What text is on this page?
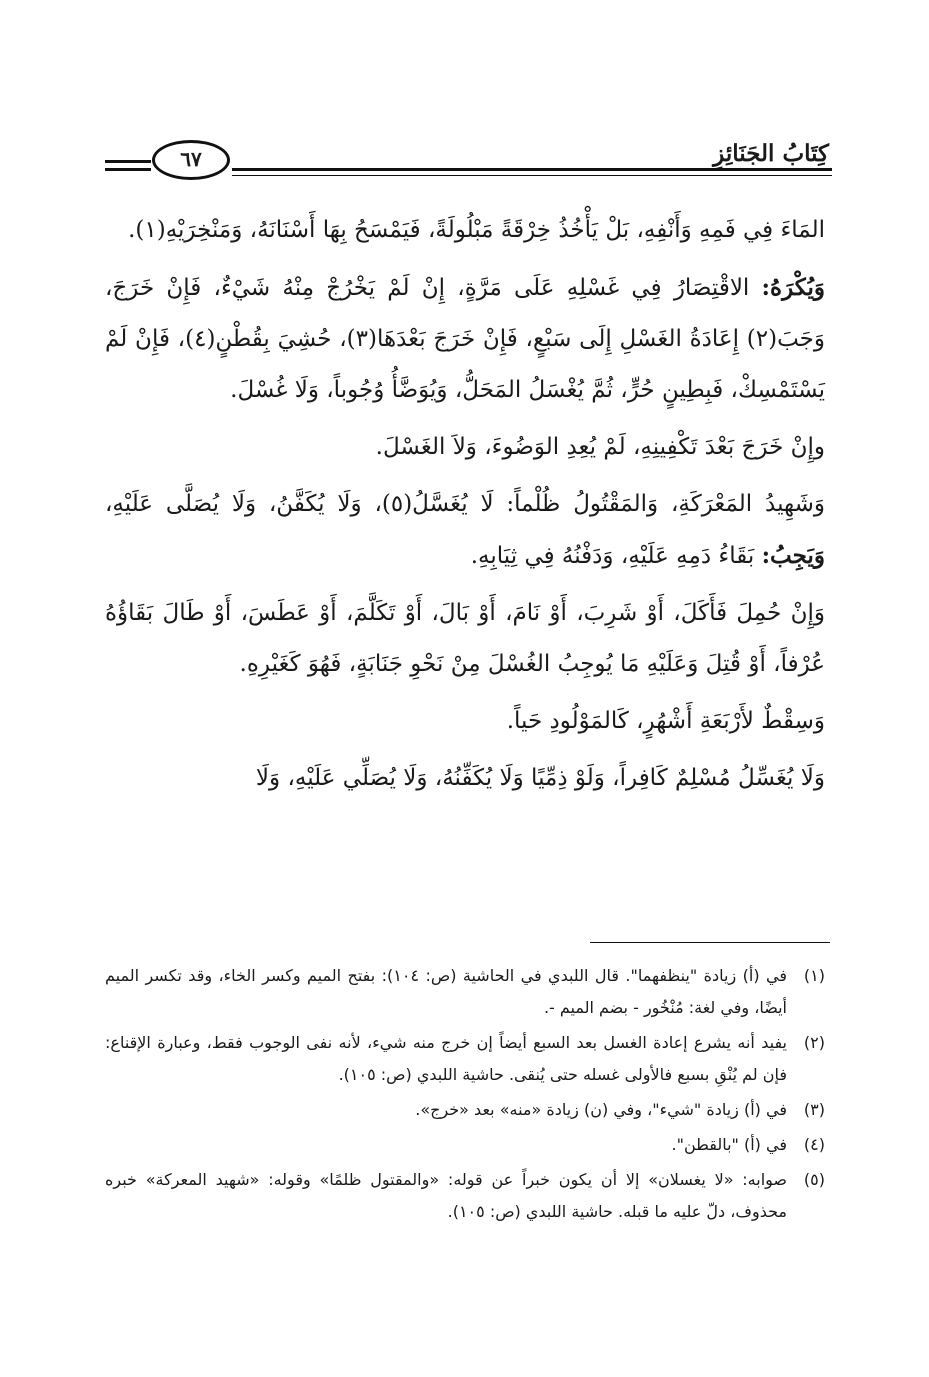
كِتَابُ الجَنَائِزِ
٦٧

المَاءَ فِي فَمِهِ وَأَنْفِهِ، بَلْ يَأْخُذُ خِرْقَةً مَبْلُولَةً، فَيَمْسَحُ بِهَا أَسْنَانَهُ، وَمَنْخِرَيْهِ(١).

وَيُكْرَهُ: الاقْتِصَارُ فِي غَسْلِهِ عَلَى مَرَّةٍ، إِنْ لَمْ يَخْرُجْ مِنْهُ شَيْءٌ، فَإِنْ خَرَجَ، وَجَبَ(٢) إِعَادَةُ الغَسْلِ إِلَى سَبْعٍ، فَإِنْ خَرَجَ بَعْدَهَا(٣)، حُشِيَ بِقُطْنٍ(٤)، فَإِنْ لَمْ يَسْتَمْسِكْ، فَبِطِينٍ حُرٍّ، ثُمَّ يُغْسَلُ المَحَلُّ، وَيُوَضَّأُ وُجُوباً، وَلَا غُسْلَ.

وإِنْ خَرَجَ بَعْدَ تَكْفِينِهِ، لَمْ يُعِدِ الوَضُوءَ، وَلاَ الغَسْلَ.

وَشَهِيدُ المَعْرَكَةِ، وَالمَقْتُولُ ظُلْماً: لَا يُغَسَّلُ(٥)، وَلَا يُكَفَّنُ، وَلَا يُصَلَّى عَلَيْهِ، وَيَجِبُ: بَقَاءُ دَمِهِ عَلَيْهِ، وَدَفْنُهُ فِي ثِيَابِهِ.

وَإِنْ حُمِلَ فَأَكَلَ، أَوْ شَرِبَ، أَوْ نَامَ، أَوْ بَالَ، أَوْ تَكَلَّمَ، أَوْ عَطَسَ، أَوْ طَالَ بَقَاؤُهُ عُرْفاً، أَوْ قُتِلَ وَعَلَيْهِ مَا يُوجِبُ الغُسْلَ مِنْ نَحْوِ جَنَابَةٍ، فَهُوَ كَغَيْرِهِ.

وَسِقْطٌ لأَرْبَعَةِ أَشْهُرٍ، كَالمَوْلُودِ حَياً.

وَلَا يُغَسِّلُ مُسْلِمٌ كَافِراً، وَلَوْ ذِمِّيًا وَلَا يُكَفِّنُهُ، وَلَا يُصَلِّي عَلَيْهِ، وَلَا

(١)
في (أ) زيادة "ينظفهما". قال اللبدي في الحاشية (ص: ١٠٤): بفتح الميم وكسر الخاء، وقد تكسر الميم أيضًا، وفي لغة: مُنْخُور - بضم الميم -.
(٢)
يفيد أنه يشرع إعادة الغسل بعد السبع أيضاً إن خرج منه شيء، لأنه نفى الوجوب فقط، وعبارة الإقناع: فإن لم يُنْقِ بسبع فالأولى غسله حتى يُنقى. حاشية اللبدي (ص: ١٠٥).
(٣)
في (أ) زيادة "شيء"، وفي (ن) زيادة «منه» بعد «خرج».
(٤)
في (أ) "بالقطن".
(٥)
صوابه: «لا يغسلان» إلا أن يكون خبراً عن قوله: «والمقتول ظلمًا» وقوله: «شهيد المعركة» خبره محذوف، دلّ عليه ما قبله. حاشية اللبدي (ص: ١٠٥).
